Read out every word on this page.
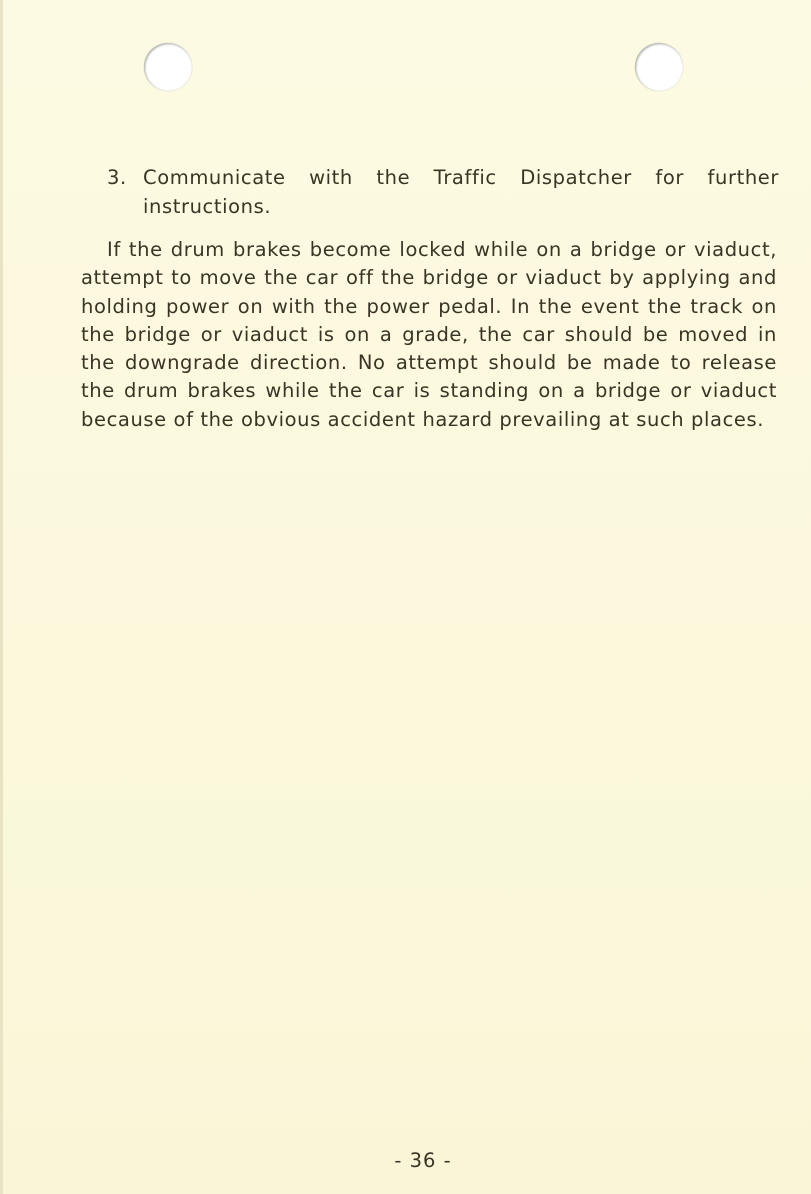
3. Communicate with the Traffic Dispatcher for further instructions.

If the drum brakes become locked while on a bridge or viaduct, attempt to move the car off the bridge or viaduct by applying and holding power on with the power pedal. In the event the track on the bridge or viaduct is on a grade, the car should be moved in the downgrade direction. No attempt should be made to release the drum brakes while the car is standing on a bridge or viaduct because of the obvious accident hazard prevailing at such places.

- 36 -
